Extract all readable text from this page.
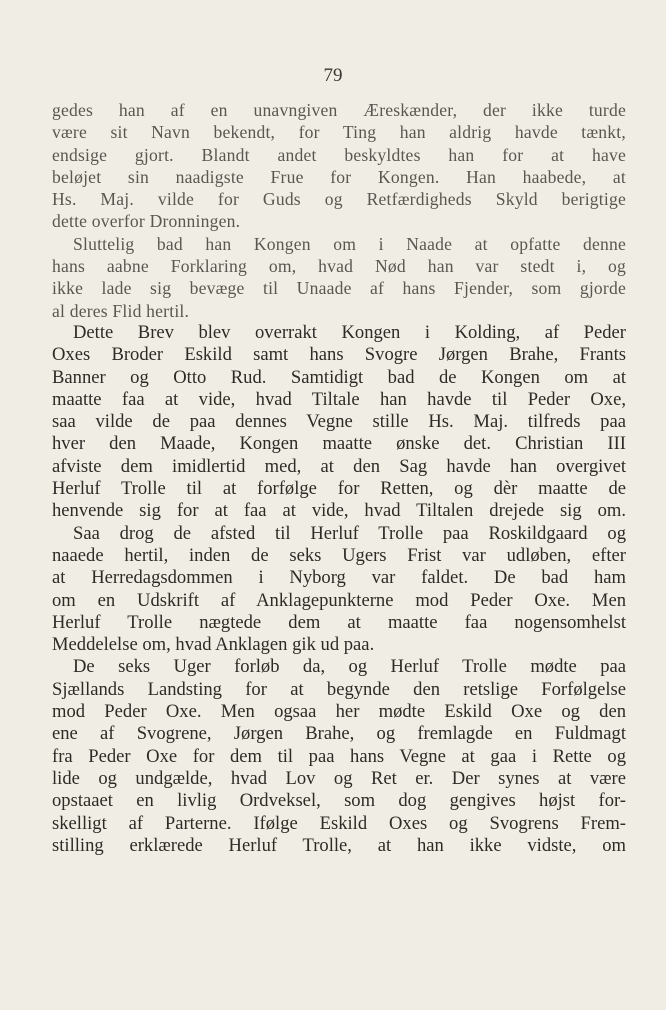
79
gedes han af en unavngiven Æreskænder, der ikke turde
være sit Navn bekendt, for Ting han aldrig havde tænkt,
endsige gjort. Blandt andet beskyldtes han for at have
beløjet sin naadigste Frue for Kongen. Han haabede, at
Hs. Maj. vilde for Guds og Retfærdigheds Skyld berigtige
dette overfor Dronningen.
Sluttelig bad han Kongen om i Naade at opfatte denne
hans aabne Forklaring om, hvad Nød han var stedt i, og
ikke lade sig bevæge til Unaade af hans Fjender, som gjorde
al deres Flid hertil.
Dette Brev blev overrakt Kongen i Kolding, af Peder
Oxes Broder Eskild samt hans Svogre Jørgen Brahe, Frants
Banner og Otto Rud. Samtidigt bad de Kongen om at
maatte faa at vide, hvad Tiltale han havde til Peder Oxe,
saa vilde de paa dennes Vegne stille Hs. Maj. tilfreds paa
hver den Maade, Kongen maatte ønske det. Christian III
afviste dem imidlertid med, at den Sag havde han overgivet
Herluf Trolle til at forfølge for Retten, og dèr maatte de
henvende sig for at faa at vide, hvad Tiltalen drejede sig om.
Saa drog de afsted til Herluf Trolle paa Roskildgaard og
naaede hertil, inden de seks Ugers Frist var udløben, efter
at Herredagsdommen i Nyborg var faldet. De bad ham
om en Udskrift af Anklagepunkterne mod Peder Oxe. Men
Herluf Trolle nægtede dem at maatte faa nogensomhelst
Meddelelse om, hvad Anklagen gik ud paa.
De seks Uger forløb da, og Herluf Trolle mødte paa
Sjællands Landsting for at begynde den retslige Forfølgelse
mod Peder Oxe. Men ogsaa her mødte Eskild Oxe og den
ene af Svogrene, Jørgen Brahe, og fremlagde en Fuldmagt
fra Peder Oxe for dem til paa hans Vegne at gaa i Rette og
lide og undgælde, hvad Lov og Ret er. Der synes at være
opstaaet en livlig Ordveksel, som dog gengives højst for-
skelligt af Parterne. Ifølge Eskild Oxes og Svogrens Frem-
stilling erklærede Herluf Trolle, at han ikke vidste, om
